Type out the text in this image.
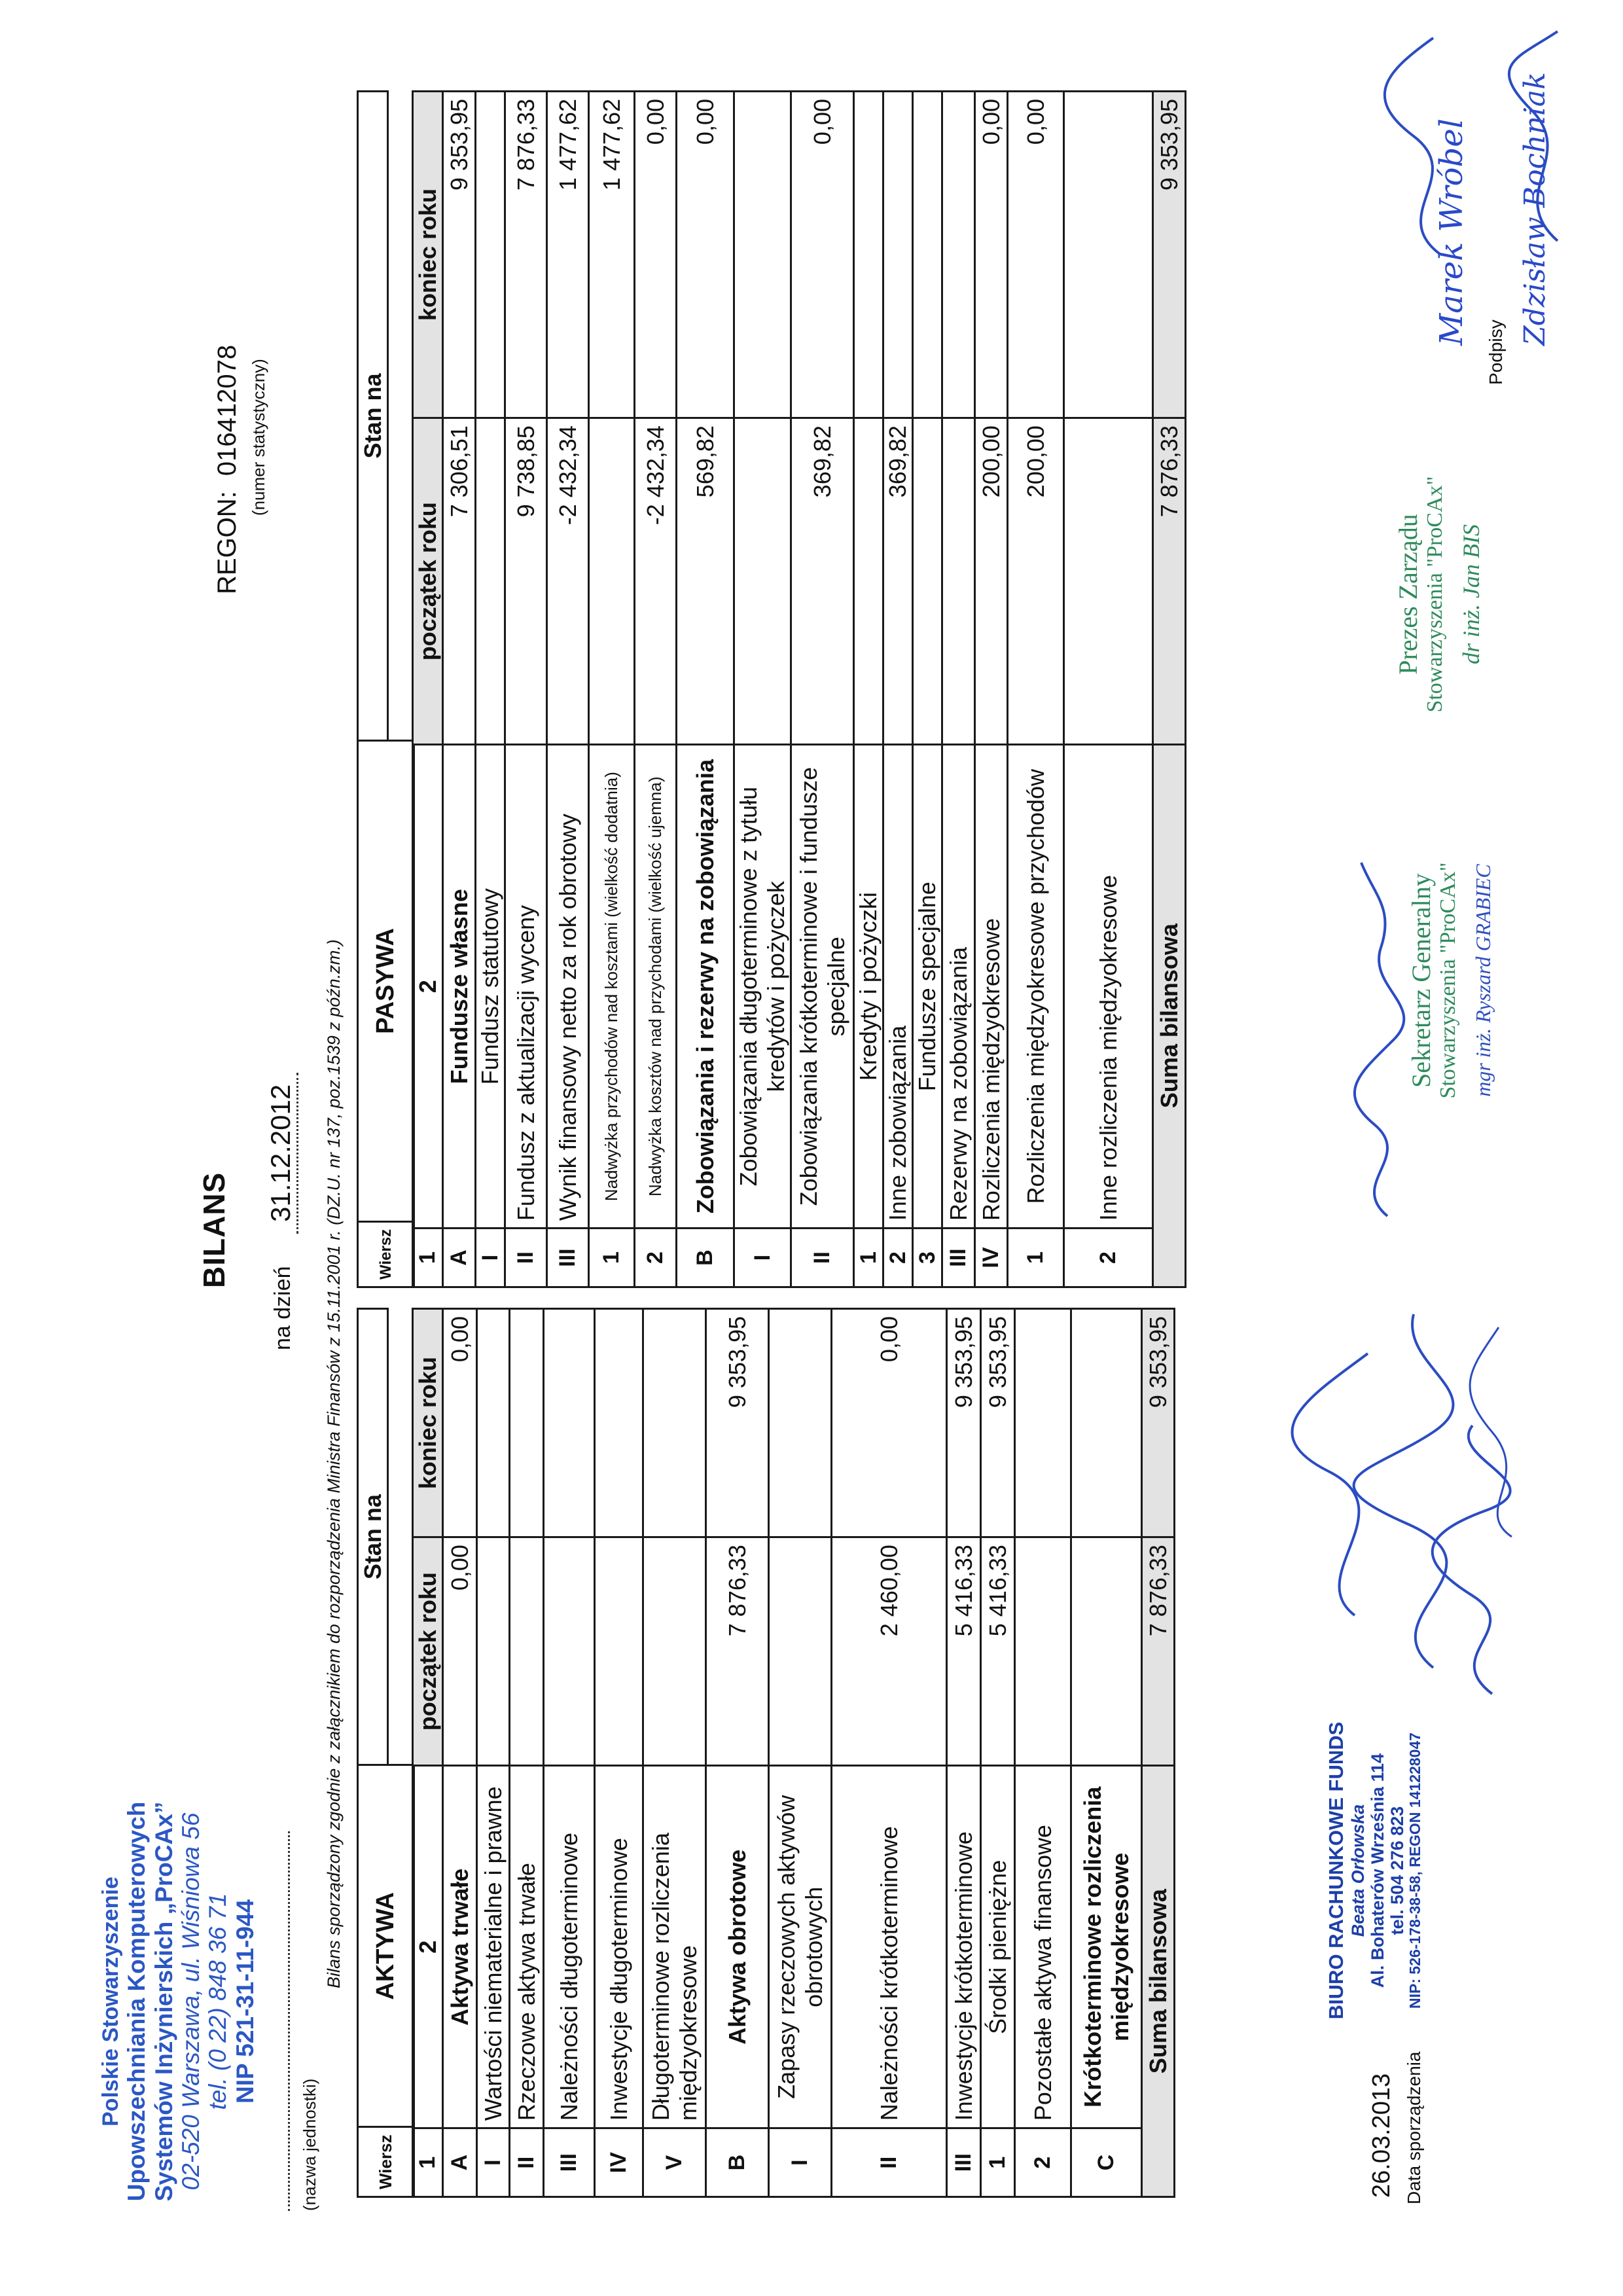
Polskie Stowarzyszenie Upowszechniania Komputerowych Systemów Inżynierskich „ProCAx” 02-520 Warszawa, ul. Wiśniowa 56 tel. (0 22) 848 36 71 NIP 521-31-11-944
(nazwa jednostki)
BILANS
na dzień 31.12.2012
REGON: 016412078 (numer statystyczny)
Bilans sporządzony zgodnie z załącznikiem do rozporządzenia Ministra Finansów z 15.11.2001 r. (DZ.U. nr 137, poz.1539 z późn.zm.)
Wiersz	AKTYWA	Stan na

1	2	początek roku	koniec roku
A	Aktywa trwałe	0,00	0,00
I	Wartości niematerialne i prawne		
II	Rzeczowe aktywa trwałe		
III	Należności długoterminowe		
IV	Inwestycje długoterminowe		
V	Długoterminowe rozliczenia międzyokresowe		
B	Aktywa obrotowe	7 876,33	9 353,95
I	Zapasy rzeczowych aktywów obrotowych		
II	Należności krótkoterminowe	2 460,00	0,00
III	Inwestycje krótkoterminowe	5 416,33	9 353,95
1	Środki pieniężne	5 416,33	9 353,95
2	Pozostałe aktywa finansowe		
C	Krótkoterminowe rozliczenia międzyokresowe		
Suma bilansowa		7 876,33	9 353,95
Wiersz	PASYWA	Stan na

1	2	początek roku	koniec roku
A	Fundusze własne	7 306,51	9 353,95
I	Fundusz statutowy		
II	Fundusz z aktualizacji wyceny	9 738,85	7 876,33
III	Wynik finansowy netto za rok obrotowy	-2 432,34	1 477,62
1	Nadwyżka przychodów nad kosztami (wielkość dodatnia)		1 477,62
2	Nadwyżka kosztów nad przychodami (wielkość ujemna)	-2 432,34	0,00
B	Zobowiązania i rezerwy na zobowiązania	569,82	0,00
I	Zobowiązania długoterminowe z tytułu kredytów i pożyczek		
II	Zobowiązania krótkoterminowe i fundusze specjalne	369,82	0,00
1	Kredyty i pożyczki		
2	Inne zobowiązania	369,82	
3	Fundusze specjalne		
III	Rezerwy na zobowiązania		
IV	Rozliczenia międzyokresowe	200,00	0,00
1	Rozliczenia międzyokresowe przychodów	200,00	0,00
2	Inne rozliczenia międzyokresowe		
Suma bilansowa		7 876,33	9 353,95
26.03.2013 Data sporządzenia
BIURO RACHUNKOWE FUNDS Beata Orłowska Al. Bohaterów Września 114 tel. 504 276 823 NIP: 526-178-38-58, REGON 141228047
Sekretarz Generalny Stowarzyszenia "ProCAx" mgr inż. Ryszard GRABIEC
Prezes Zarządu Stowarzyszenia "ProCAx" dr inż. Jan BIS
Podpisy
Zdzisław Bochniak
Marek Wróbel
